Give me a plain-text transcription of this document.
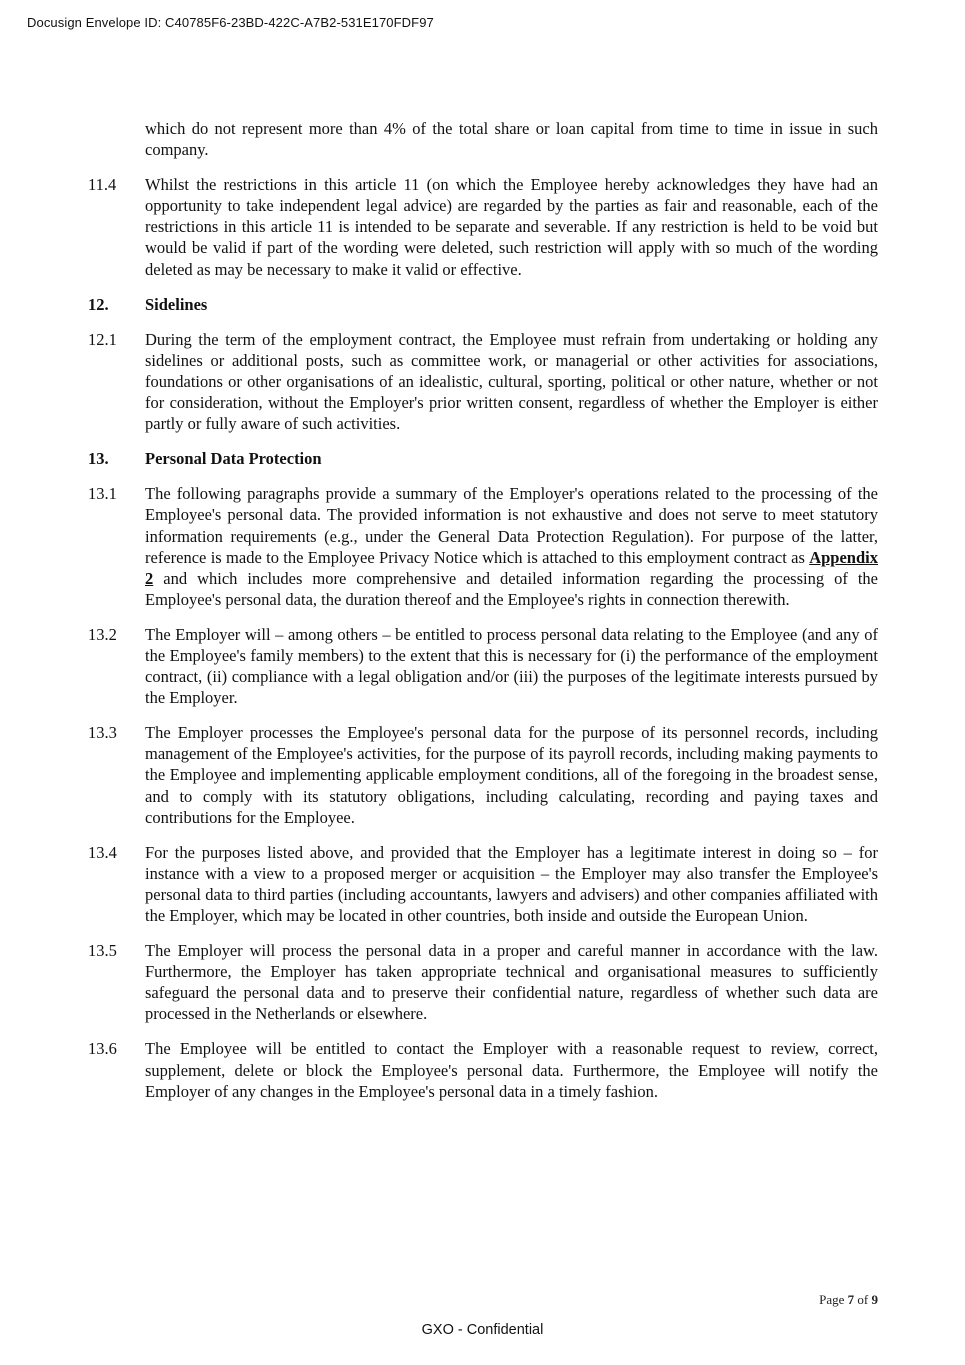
Docusign Envelope ID: C40785F6-23BD-422C-A7B2-531E170FDF97
which do not represent more than 4% of the total share or loan capital from time to time in issue in such company.
11.4	Whilst the restrictions in this article 11 (on which the Employee hereby acknowledges they have had an opportunity to take independent legal advice) are regarded by the parties as fair and reasonable, each of the restrictions in this article 11 is intended to be separate and severable. If any restriction is held to be void but would be valid if part of the wording were deleted, such restriction will apply with so much of the wording deleted as may be necessary to make it valid or effective.
12.	Sidelines
12.1	During the term of the employment contract, the Employee must refrain from undertaking or holding any sidelines or additional posts, such as committee work, or managerial or other activities for associations, foundations or other organisations of an idealistic, cultural, sporting, political or other nature, whether or not for consideration, without the Employer's prior written consent, regardless of whether the Employer is either partly or fully aware of such activities.
13.	Personal Data Protection
13.1	The following paragraphs provide a summary of the Employer's operations related to the processing of the Employee's personal data. The provided information is not exhaustive and does not serve to meet statutory information requirements (e.g., under the General Data Protection Regulation). For purpose of the latter, reference is made to the Employee Privacy Notice which is attached to this employment contract as Appendix 2 and which includes more comprehensive and detailed information regarding the processing of the Employee's personal data, the duration thereof and the Employee's rights in connection therewith.
13.2	The Employer will – among others – be entitled to process personal data relating to the Employee (and any of the Employee's family members) to the extent that this is necessary for (i) the performance of the employment contract, (ii) compliance with a legal obligation and/or (iii) the purposes of the legitimate interests pursued by the Employer.
13.3	The Employer processes the Employee's personal data for the purpose of its personnel records, including management of the Employee's activities, for the purpose of its payroll records, including making payments to the Employee and implementing applicable employment conditions, all of the foregoing in the broadest sense, and to comply with its statutory obligations, including calculating, recording and paying taxes and contributions for the Employee.
13.4	For the purposes listed above, and provided that the Employer has a legitimate interest in doing so – for instance with a view to a proposed merger or acquisition – the Employer may also transfer the Employee's personal data to third parties (including accountants, lawyers and advisers) and other companies affiliated with the Employer, which may be located in other countries, both inside and outside the European Union.
13.5	The Employer will process the personal data in a proper and careful manner in accordance with the law. Furthermore, the Employer has taken appropriate technical and organisational measures to sufficiently safeguard the personal data and to preserve their confidential nature, regardless of whether such data are processed in the Netherlands or elsewhere.
13.6	The Employee will be entitled to contact the Employer with a reasonable request to review, correct, supplement, delete or block the Employee's personal data. Furthermore, the Employee will notify the Employer of any changes in the Employee's personal data in a timely fashion.
Page 7 of 9
GXO - Confidential
